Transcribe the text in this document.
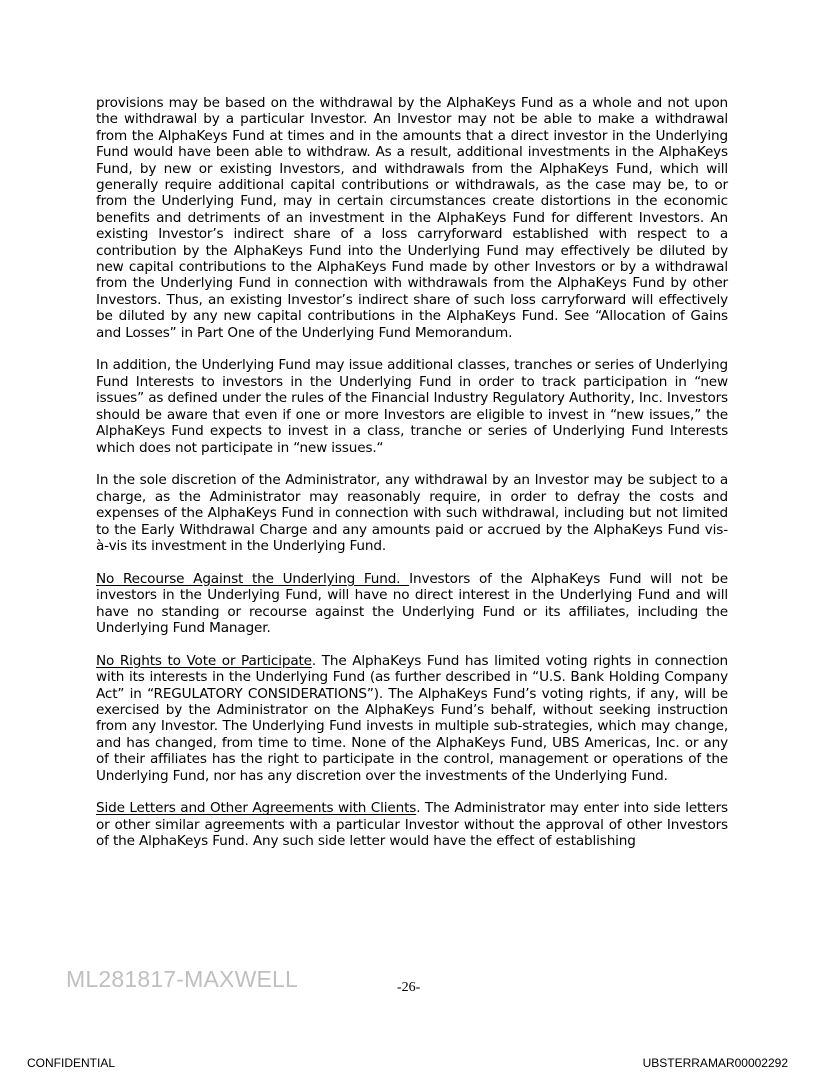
provisions may be based on the withdrawal by the AlphaKeys Fund as a whole and not upon the withdrawal by a particular Investor. An Investor may not be able to make a withdrawal from the AlphaKeys Fund at times and in the amounts that a direct investor in the Underlying Fund would have been able to withdraw. As a result, additional investments in the AlphaKeys Fund, by new or existing Investors, and withdrawals from the AlphaKeys Fund, which will generally require additional capital contributions or withdrawals, as the case may be, to or from the Underlying Fund, may in certain circumstances create distortions in the economic benefits and detriments of an investment in the AlphaKeys Fund for different Investors. An existing Investor’s indirect share of a loss carryforward established with respect to a contribution by the AlphaKeys Fund into the Underlying Fund may effectively be diluted by new capital contributions to the AlphaKeys Fund made by other Investors or by a withdrawal from the Underlying Fund in connection with withdrawals from the AlphaKeys Fund by other Investors. Thus, an existing Investor’s indirect share of such loss carryforward will effectively be diluted by any new capital contributions in the AlphaKeys Fund. See “Allocation of Gains and Losses” in Part One of the Underlying Fund Memorandum.

In addition, the Underlying Fund may issue additional classes, tranches or series of Underlying Fund Interests to investors in the Underlying Fund in order to track participation in “new issues” as defined under the rules of the Financial Industry Regulatory Authority, Inc. Investors should be aware that even if one or more Investors are eligible to invest in “new issues,” the AlphaKeys Fund expects to invest in a class, tranche or series of Underlying Fund Interests which does not participate in “new issues.“

In the sole discretion of the Administrator, any withdrawal by an Investor may be subject to a charge, as the Administrator may reasonably require, in order to defray the costs and expenses of the AlphaKeys Fund in connection with such withdrawal, including but not limited to the Early Withdrawal Charge and any amounts paid or accrued by the AlphaKeys Fund vis-à-vis its investment in the Underlying Fund.

No Recourse Against the Underlying Fund. Investors of the AlphaKeys Fund will not be investors in the Underlying Fund, will have no direct interest in the Underlying Fund and will have no standing or recourse against the Underlying Fund or its affiliates, including the Underlying Fund Manager.

No Rights to Vote or Participate. The AlphaKeys Fund has limited voting rights in connection with its interests in the Underlying Fund (as further described in “U.S. Bank Holding Company Act” in “REGULATORY CONSIDERATIONS”). The AlphaKeys Fund’s voting rights, if any, will be exercised by the Administrator on the AlphaKeys Fund’s behalf, without seeking instruction from any Investor. The Underlying Fund invests in multiple sub-strategies, which may change, and has changed, from time to time. None of the AlphaKeys Fund, UBS Americas, Inc. or any of their affiliates has the right to participate in the control, management or operations of the Underlying Fund, nor has any discretion over the investments of the Underlying Fund.

Side Letters and Other Agreements with Clients. The Administrator may enter into side letters or other similar agreements with a particular Investor without the approval of other Investors of the AlphaKeys Fund. Any such side letter would have the effect of establishing

ML281817-MAXWELL	-26-
CONFIDENTIAL	UBSTERRAMAR00002292
